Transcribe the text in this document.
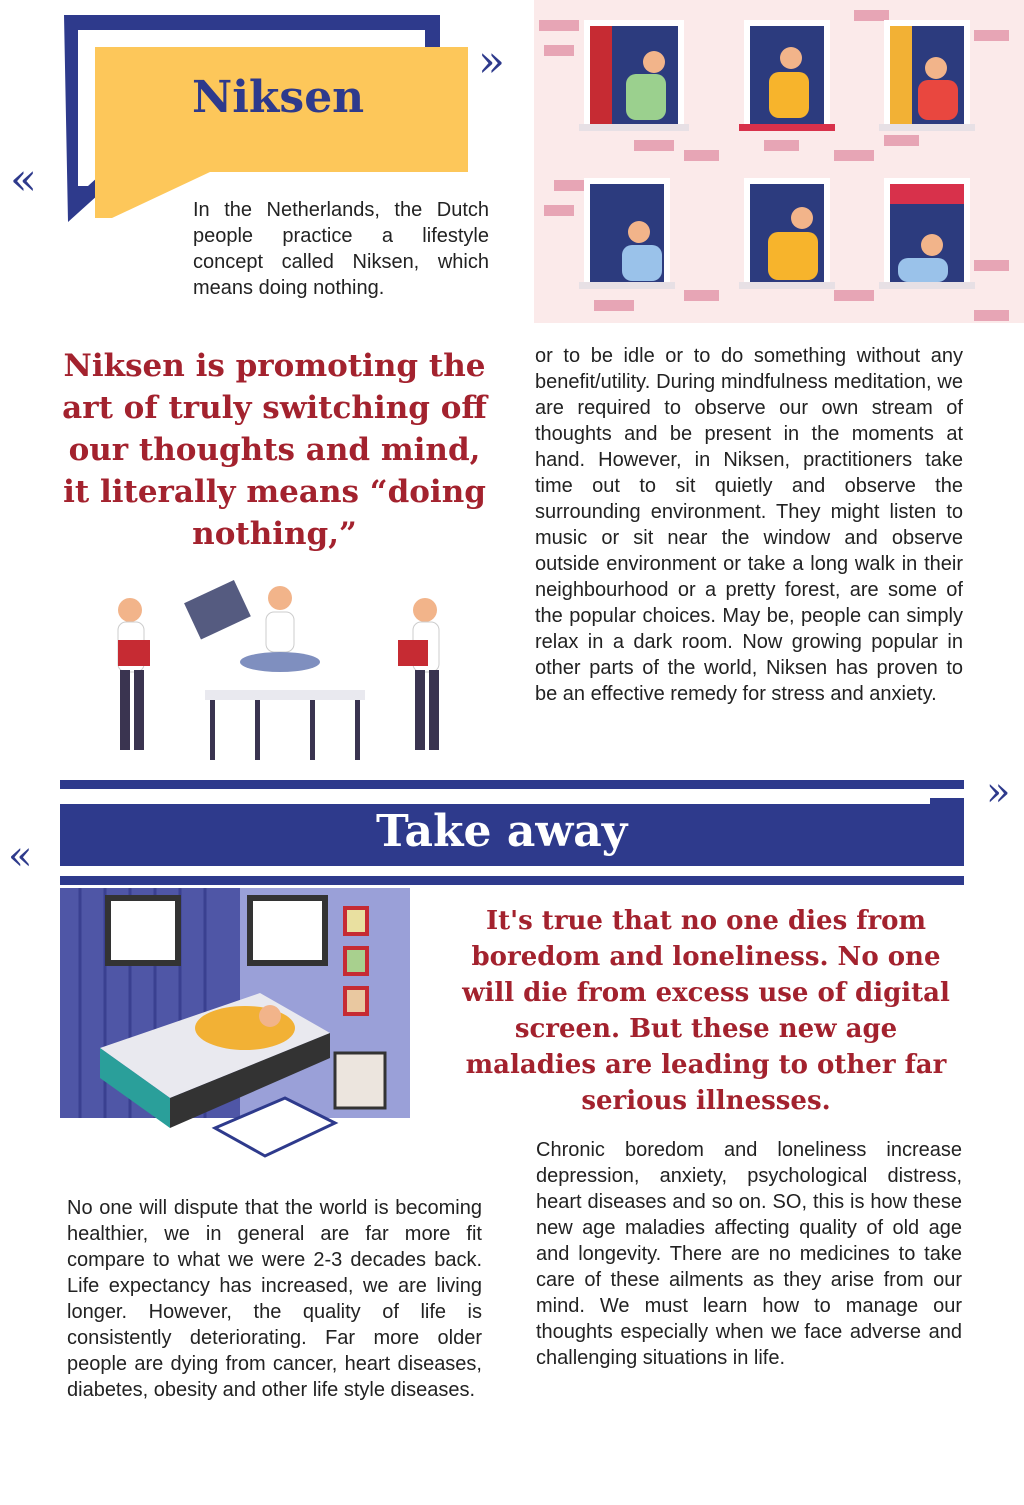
Niksen
«
»
In the Netherlands, the Dutch people practice a lifestyle concept called Niksen, which means doing nothing.
Niksen is promoting the art of truly switching off our thoughts and mind, it literally means “doing nothing,”
or to be idle or to do something without any benefit/utility. During mindfulness meditation, we are required to observe our own stream of thoughts and be present in the moments at hand. However, in Niksen, practitioners take time out to sit quietly and observe the surrounding environment. They might listen to music or sit near the window and observe outside environment or take a long walk in their neighbourhood or a pretty forest, are some of the popular choices. May be, people can simply relax in a dark room. Now growing popular in other parts of the world, Niksen has proven to be an effective remedy for stress and anxiety.
Take away
«
»
It's true that no one dies from boredom and loneliness. No one will die from excess use of digital screen. But these new age maladies are leading to other far serious illnesses.
No one will dispute that the world is becoming healthier, we in general are far more fit compare to what we were 2-3 decades back. Life expectancy has increased, we are living longer. However, the quality of life is consistently deteriorating. Far more older people are dying from cancer, heart diseases, diabetes, obesity and other life style diseases.
Chronic boredom and loneliness increase depression, anxiety, psychological distress, heart diseases and so on. SO, this is how these new age maladies affecting quality of old age and longevity. There are no medicines to take care of these ailments as they arise from our mind. We must learn how to manage our thoughts especially when we face adverse and challenging situations in life.
